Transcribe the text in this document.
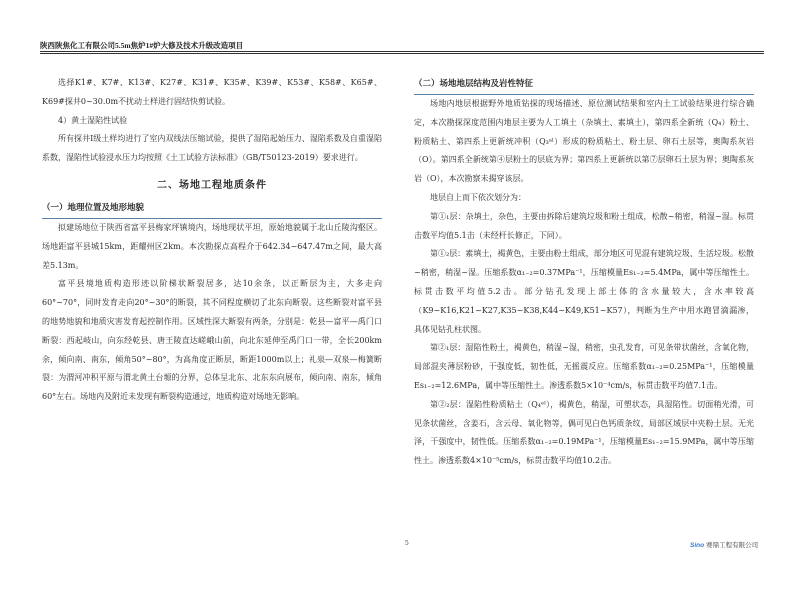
陕西陕焦化工有限公司5.5m焦炉1#炉大修及技术升级改造项目

选择K1#、K7#、K13#、K27#、K31#、K35#、K39#、K53#、K58#、K65#、K69#探井0~30.0m不扰动土样进行固结快剪试验。

4）黄土湿陷性试验

所有探井Ⅰ级土样均进行了室内双线法压缩试验，提供了湿陷起始压力、湿陷系数及自重湿陷系数，湿陷性试验浸水压力均按照《土工试验方法标准》（GB/T50123-2019）要求进行。

二、场地工程地质条件
（一）地理位置及地形地貌

拟建场地位于陕西省富平县梅家坪镇境内，场地现状平坦，原始地貌属于北山丘陵沟壑区。场地距富平县城15km，距耀州区2km。本次勘探点高程介于642.34~647.47m之间，最大高差5.13m。

富平县境地质构造形迹以阶梯状断裂居多，达10余条，以正断层为主，大多走向60°~70°，同时发育走向20°~30°的断裂，其不同程度横切了北东向断裂。这些断裂对富平县的地势地貌和地质灾害发育起控制作用。区域性深大断裂有两条，分别是：乾县—富平—禹门口断裂：西起岐山，向东经乾县、唐王陵直达嵯峨山前，向北东延伸至禹门口一带，全长200km余，倾向南、南东，倾角50°~80°，为高角度正断层，断距1000m以上；礼泉—双泉—梅簧断裂：为渭河冲积平原与渭北黄土台塬的分界，总体呈北东、北东东向展布，倾向南、南东，倾角60°左右。场地内及附近未发现有断裂构造通过，地质构造对场地无影响。

（二）场地地层结构及岩性特征

场地内地层根据野外地质钻探的现场描述、原位测试结果和室内土工试验结果进行综合确定，本次勘探深度范围内地层主要为人工填土（杂填土、素填土），第四系全新统（Q₄）粉土、粉质粘土、第四系上更新统冲积（Q₃ᵃˡ）形成的粉质粘土、粉土层、卵石土层等，奥陶系灰岩（O）。第四系全新统第④层粉土的层底为界；第四系上更新统以第⑦层卵石土层为界；奥陶系灰岩（O），本次勘察未揭穿该层。

地层自上而下依次划分为：

第①₁层：杂填土，杂色，主要由拆除后建筑垃圾和粉土组成，松散~稍密，稍湿~湿。标贯击数平均值5.1击（未经杆长修正，下同）。

第①₂层：素填土，褐黄色，主要由粉土组成，部分地区可见混有建筑垃圾、生活垃圾。松散~稍密，稍湿~湿。压缩系数α₁₋₂=0.37MPa⁻¹，压缩模量Es₁₋₂=5.4MPa，属中等压缩性土。标贯击数平均值5.2击。部分钻孔发现上部土体的含水量较大，含水率较高（K9~K16,K21~K27,K35~K38,K44~K49,K51~K57），判断为生产中用水跑冒滴漏渗，具体见钻孔柱状图。

第②₁层：湿陷性粉土，褐黄色，稍湿~湿，稍密，虫孔发育，可见条带状菌丝，含氧化物，局部混夹薄层粉砂，干强度低，韧性低，无摇震反应。压缩系数α₁₋₂=0.25MPa⁻¹，压缩模量Es₁₋₂=12.6MPa，属中等压缩性土。渗透系数5×10⁻⁴cm/s，标贯击数平均值7.1击。

第②₂层：湿陷性粉质粘土（Q₄ᵉˡ），褐黄色，稍湿，可塑状态，具湿陷性。切面稍光滑，可见条状菌丝，含姜石，含云母、氧化物等，偶可见白色钙质条纹，局部区域层中夹粉土层。无光泽，干强度中，韧性低。压缩系数α₁₋₂=0.19MPa⁻¹，压缩模量Es₁₋₂=15.9MPa，属中等压缩性土。渗透系数4×10⁻⁵cm/s，标贯击数平均值10.2击。

5	Sino 赛鼎工程有限公司
